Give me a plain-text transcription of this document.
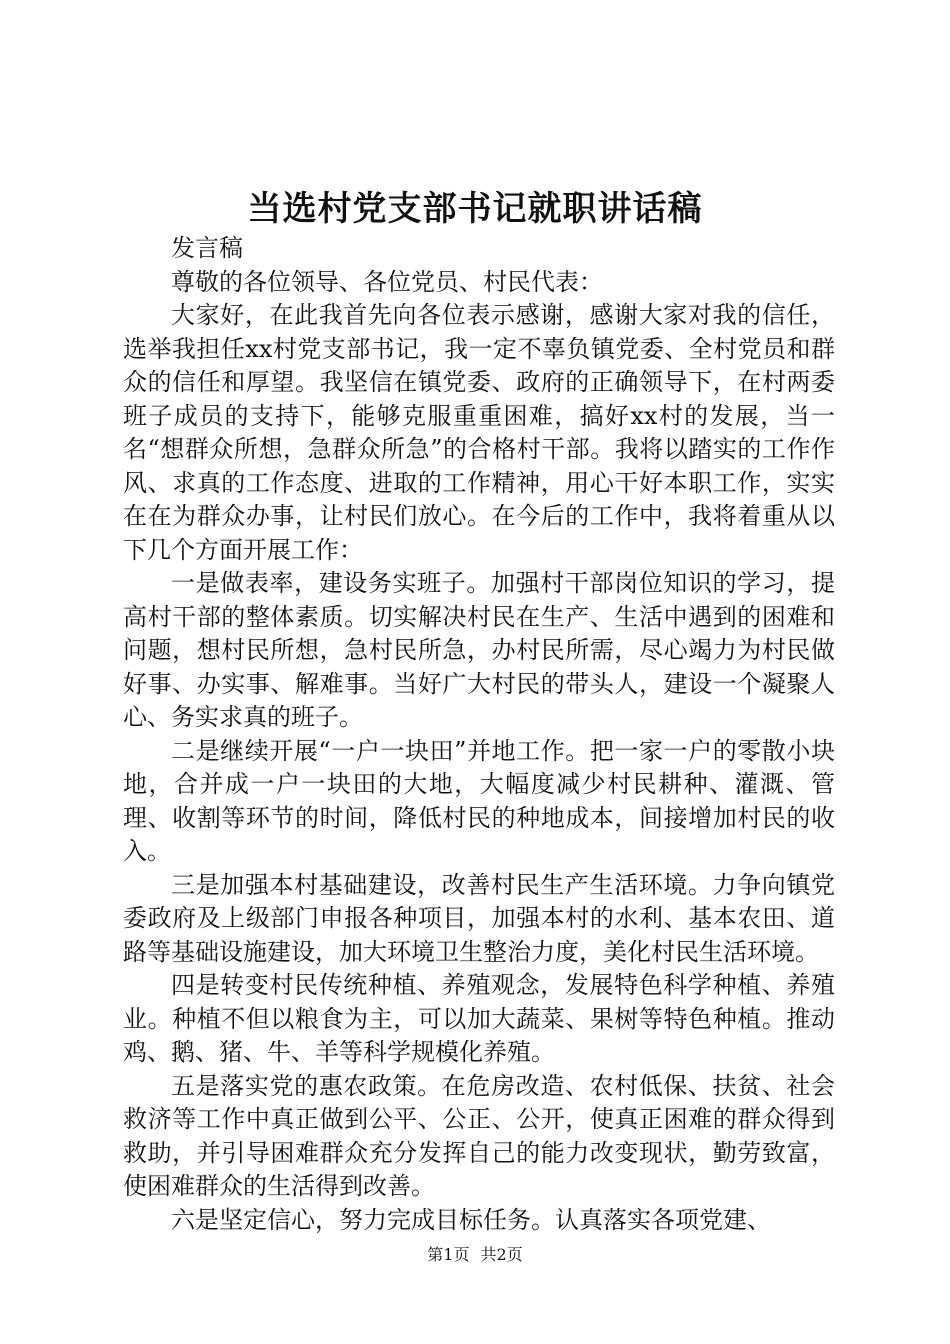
当选村党支部书记就职讲话稿

发言稿

尊敬的各位领导、各位党员、村民代表：

大家好，在此我首先向各位表示感谢，感谢大家对我的信任，选举我担任xx村党支部书记，我一定不辜负镇党委、全村党员和群众的信任和厚望。我坚信在镇党委、政府的正确领导下，在村两委班子成员的支持下，能够克服重重困难，搞好xx村的发展，当一名“想群众所想，急群众所急”的合格村干部。我将以踏实的工作作风、求真的工作态度、进取的工作精神，用心干好本职工作，实实在在为群众办事，让村民们放心。在今后的工作中，我将着重从以下几个方面开展工作：

一是做表率，建设务实班子。加强村干部岗位知识的学习，提高村干部的整体素质。切实解决村民在生产、生活中遇到的困难和问题，想村民所想，急村民所急，办村民所需，尽心竭力为村民做好事、办实事、解难事。当好广大村民的带头人，建设一个凝聚人心、务实求真的班子。

二是继续开展“一户一块田”并地工作。把一家一户的零散小块地，合并成一户一块田的大地，大幅度减少村民耕种、灌溉、管理、收割等环节的时间，降低村民的种地成本，间接增加村民的收入。

三是加强本村基础建设，改善村民生产生活环境。力争向镇党委政府及上级部门申报各种项目，加强本村的水利、基本农田、道路等基础设施建设，加大环境卫生整治力度，美化村民生活环境。

四是转变村民传统种植、养殖观念，发展特色科学种植、养殖业。种植不但以粮食为主，可以加大蔬菜、果树等特色种植。推动鸡、鹅、猪、牛、羊等科学规模化养殖。

五是落实党的惠农政策。在危房改造、农村低保、扶贫、社会救济等工作中真正做到公平、公正、公开，使真正困难的群众得到救助，并引导困难群众充分发挥自己的能力改变现状，勤劳致富，使困难群众的生活得到改善。

六是坚定信心，努力完成目标任务。认真落实各项党建、

第1页 共2页
